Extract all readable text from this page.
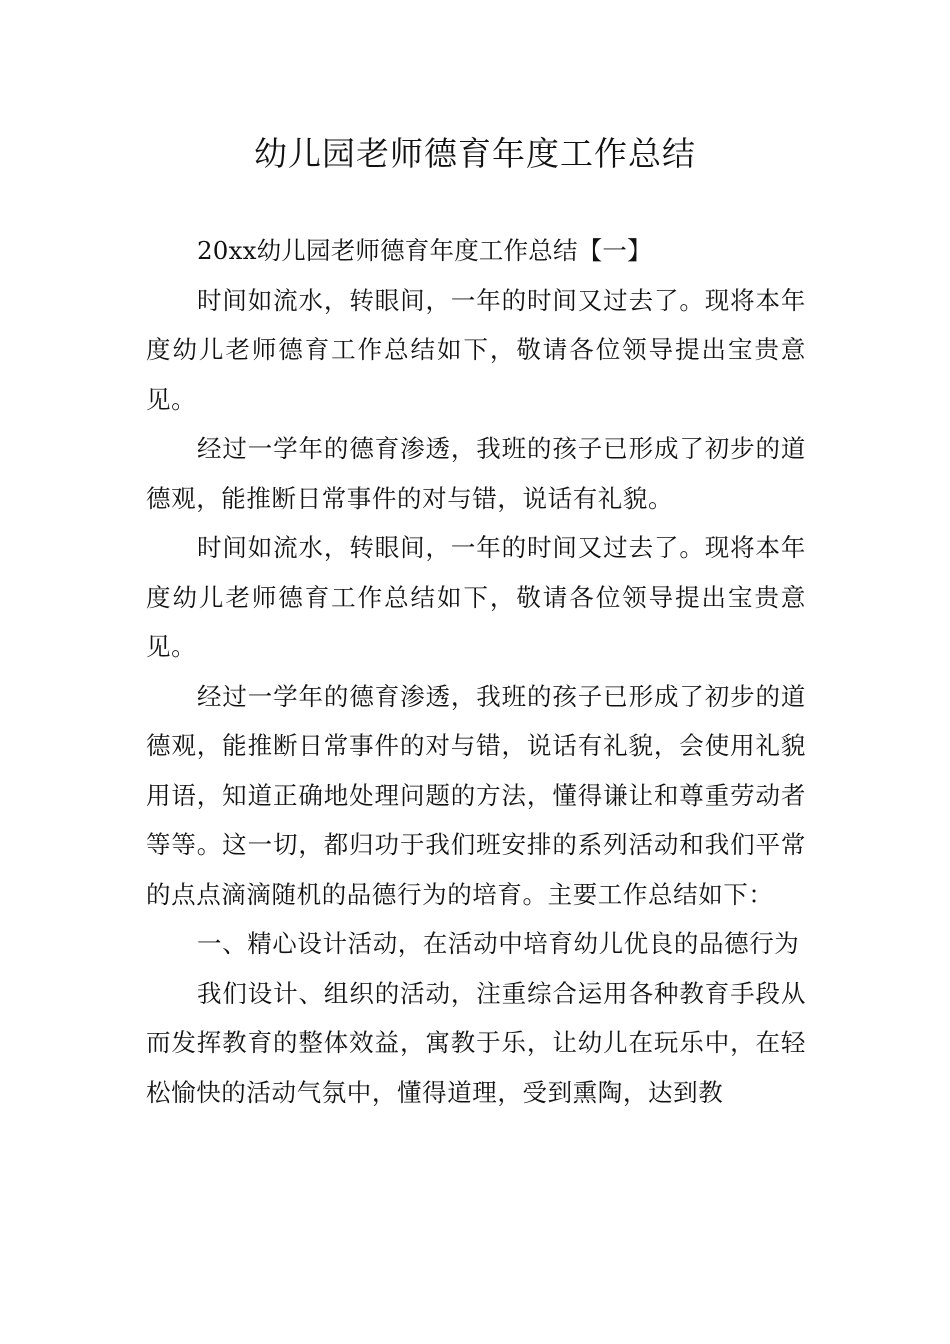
幼儿园老师德育年度工作总结

20xx幼儿园老师德育年度工作总结【一】

时间如流水，转眼间，一年的时间又过去了。现将本年度幼儿老师德育工作总结如下，敬请各位领导提出宝贵意见。

经过一学年的德育渗透，我班的孩子已形成了初步的道德观，能推断日常事件的对与错，说话有礼貌。

时间如流水，转眼间，一年的时间又过去了。现将本年度幼儿老师德育工作总结如下，敬请各位领导提出宝贵意见。

经过一学年的德育渗透，我班的孩子已形成了初步的道德观，能推断日常事件的对与错，说话有礼貌，会使用礼貌用语，知道正确地处理问题的方法，懂得谦让和尊重劳动者等等。这一切，都归功于我们班安排的系列活动和我们平常的点点滴滴随机的品德行为的培育。主要工作总结如下：

一、精心设计活动，在活动中培育幼儿优良的品德行为

我们设计、组织的活动，注重综合运用各种教育手段从而发挥教育的整体效益，寓教于乐，让幼儿在玩乐中，在轻松愉快的活动气氛中，懂得道理，受到熏陶，达到教
